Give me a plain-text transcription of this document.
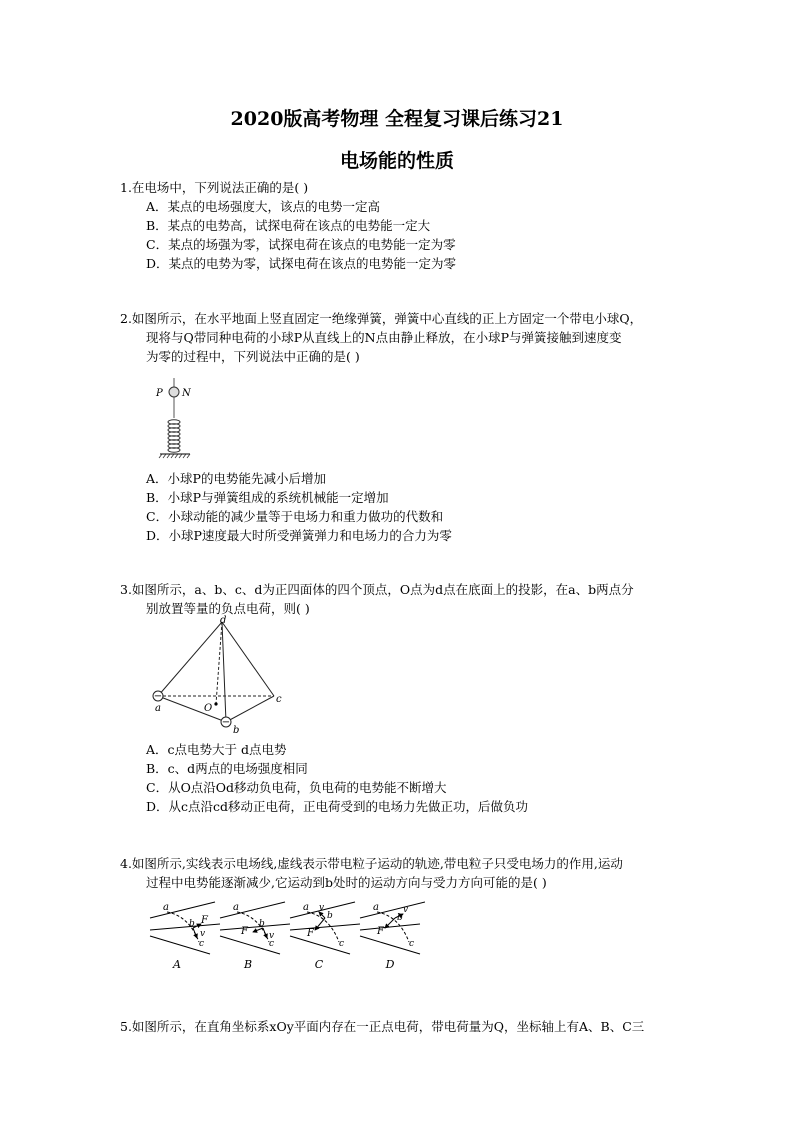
2020版高考物理 全程复习课后练习21
电场能的性质
1.在电场中，下列说法正确的是( )
A．某点的电场强度大，该点的电势一定高
B．某点的电势高，试探电荷在该点的电势能一定大
C．某点的场强为零，试探电荷在该点的电势能一定为零
D．某点的电势为零，试探电荷在该点的电势能一定为零
2.如图所示，在水平地面上竖直固定一绝缘弹簧，弹簧中心直线的正上方固定一个带电小球Q，
现将与Q带同种电荷的小球P从直线上的N点由静止释放，在小球P与弹簧接触到速度变
为零的过程中，下列说法中正确的是( )
P N
A．小球P的电势能先减小后增加
B．小球P与弹簧组成的系统机械能一定增加
C．小球动能的减少量等于电场力和重力做功的代数和
D．小球P速度最大时所受弹簧弹力和电场力的合力为零
3.如图所示，a、b、c、d为正四面体的四个顶点，O点为d点在底面上的投影，在a、b两点分
别放置等量的负点电荷，则( )
−
−
d
a
b
c
O
A．c点电势大于 d点电势
B．c、d两点的电场强度相同
C．从O点沿Od移动负电荷，负电荷的电势能不断增大
D．从c点沿cd移动正电荷，正电荷受到的电场力先做正功，后做负功
4.如图所示,实线表示电场线,虚线表示带电粒子运动的轨迹,带电粒子只受电场力的作用,运动
过程中电势能逐渐减少,它运动到b处时的运动方向与受力方向可能的是( )
a
b
c
F
v
a
b
c
F v
a
b
c
F
v	a
b
c
F
v
A	B	C	D
5.如图所示，在直角坐标系xOy平面内存在一正点电荷，带电荷量为Q，坐标轴上有A、B、C三
